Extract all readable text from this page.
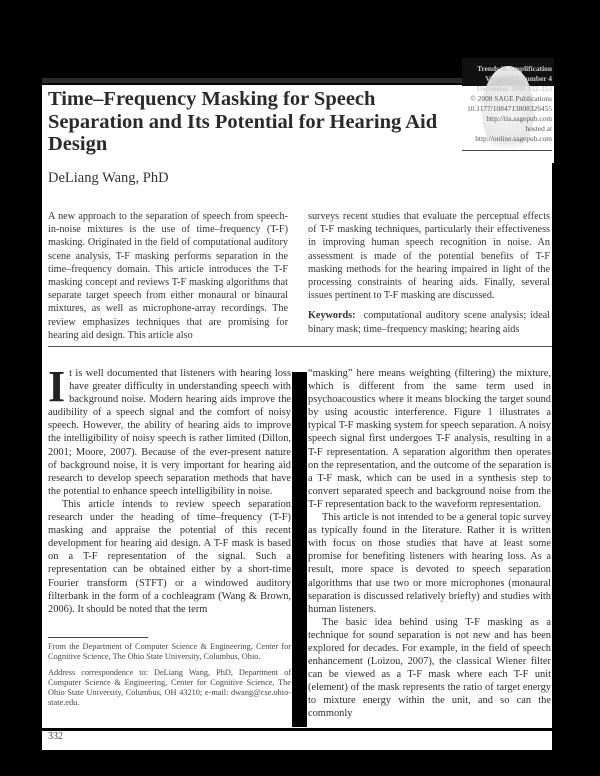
Trends in Amplification
Volume 12 Number 4
December 2008 332-353
© 2008 SAGE Publications
10.1177/1084713808326455
http://tia.sagepub.com
hosted at
http://online.sagepub.com
Time–Frequency Masking for Speech Separation and Its Potential for Hearing Aid Design
DeLiang Wang, PhD
A new approach to the separation of speech from speech-in-noise mixtures is the use of time–frequency (T-F) masking. Originated in the field of computational auditory scene analysis, T-F masking performs separation in the time–frequency domain. This article introduces the T-F masking concept and reviews T-F masking algorithms that separate target speech from either monaural or binaural mixtures, as well as microphone-array recordings. The review emphasizes techniques that are promising for hearing aid design. This article also
surveys recent studies that evaluate the perceptual effects of T-F masking techniques, particularly their effectiveness in improving human speech recognition in noise. An assessment is made of the potential benefits of T-F masking methods for the hearing impaired in light of the processing constraints of hearing aids. Finally, several issues pertinent to T-F masking are discussed.
Keywords: computational auditory scene analysis; ideal binary mask; time–frequency masking; hearing aids

It is well documented that listeners with hearing loss have greater difficulty in understanding speech with background noise. Modern hearing aids improve the audibility of a speech signal and the comfort of noisy speech. However, the ability of hearing aids to improve the intelligibility of noisy speech is rather limited (Dillon, 2001; Moore, 2007). Because of the ever-present nature of background noise, it is very important for hearing aid research to develop speech separation methods that have the potential to enhance speech intelligibility in noise.

This article intends to review speech separation research under the heading of time–frequency (T-F) masking and appraise the potential of this recent development for hearing aid design. A T-F mask is based on a T-F representation of the signal. Such a representation can be obtained either by a short-time Fourier transform (STFT) or a windowed auditory filterbank in the form of a cochleagram (Wang & Brown, 2006). It should be noted that the term

“masking” here means weighting (filtering) the mixture, which is different from the same term used in psychoacoustics where it means blocking the target sound by using acoustic interference. Figure 1 illustrates a typical T-F masking system for speech separation. A noisy speech signal first undergoes T-F analysis, resulting in a T-F representation. A separation algorithm then operates on the representation, and the outcome of the separation is a T-F mask, which can be used in a synthesis step to convert separated speech and background noise from the T-F representation back to the waveform representation.

This article is not intended to be a general topic survey as typically found in the literature. Rather it is written with focus on those studies that have at least some promise for benefiting listeners with hearing loss. As a result, more space is devoted to speech separation algorithms that use two or more microphones (monaural separation is discussed relatively briefly) and studies with human listeners.

The basic idea behind using T-F masking as a technique for sound separation is not new and has been explored for decades. For example, in the field of speech enhancement (Loizou, 2007), the classical Wiener filter can be viewed as a T-F mask where each T-F unit (element) of the mask represents the ratio of target energy to mixture energy within the unit, and so can the commonly

From the Department of Computer Science & Engineering, Center for Cognitive Science, The Ohio State University, Columbus, Ohio.

Address correspondence to: DeLiang Wang, PhD, Department of Computer Science & Engineering, Center for Cognitive Science, The Ohio State University, Columbus, OH 43210; e-mail: dwang@cse.ohio-state.edu.

332
